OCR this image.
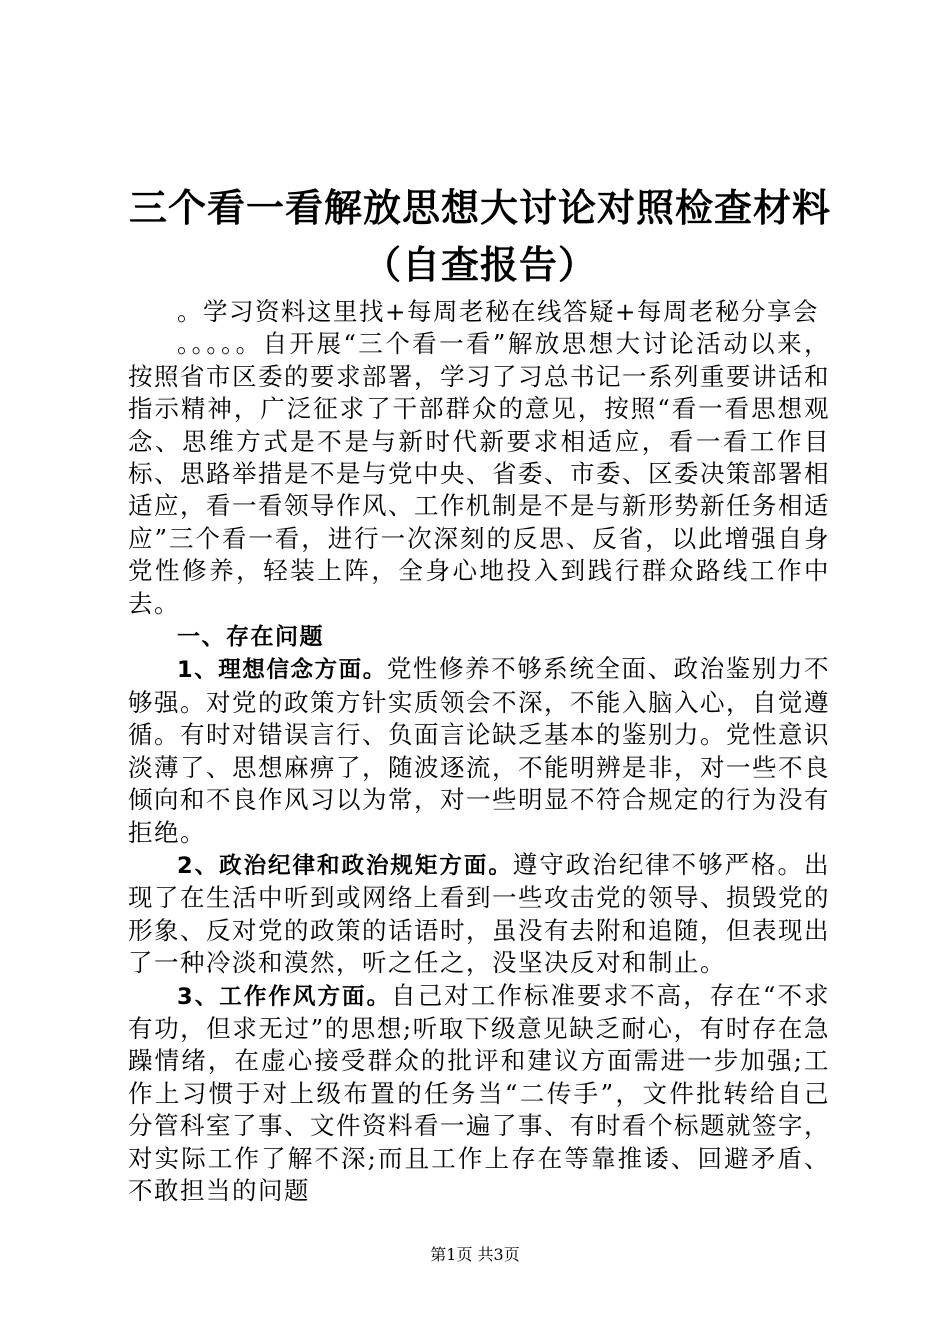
三个看一看解放思想大讨论对照检查材料（自查报告）

。学习资料这里找+每周老秘在线答疑+每周老秘分享会

。。。。。自开展“三个看一看”解放思想大讨论活动以来，按照省市区委的要求部署，学习了习总书记一系列重要讲话和指示精神，广泛征求了干部群众的意见，按照“看一看思想观念、思维方式是不是与新时代新要求相适应，看一看工作目标、思路举措是不是与党中央、省委、市委、区委决策部署相适应，看一看领导作风、工作机制是不是与新形势新任务相适应”三个看一看，进行一次深刻的反思、反省，以此增强自身党性修养，轻装上阵，全身心地投入到践行群众路线工作中去。

一、存在问题

1、理想信念方面。党性修养不够系统全面、政治鉴别力不够强。对党的政策方针实质领会不深，不能入脑入心，自觉遵循。有时对错误言行、负面言论缺乏基本的鉴别力。党性意识淡薄了、思想麻痹了，随波逐流，不能明辨是非，对一些不良倾向和不良作风习以为常，对一些明显不符合规定的行为没有拒绝。

2、政治纪律和政治规矩方面。遵守政治纪律不够严格。出现了在生活中听到或网络上看到一些攻击党的领导、损毁党的形象、反对党的政策的话语时，虽没有去附和追随，但表现出了一种冷淡和漠然，听之任之，没坚决反对和制止。

3、工作作风方面。自己对工作标准要求不高，存在“不求有功，但求无过”的思想;听取下级意见缺乏耐心，有时存在急躁情绪，在虚心接受群众的批评和建议方面需进一步加强;工作上习惯于对上级布置的任务当“二传手”，文件批转给自己分管科室了事、文件资料看一遍了事、有时看个标题就签字，对实际工作了解不深;而且工作上存在等靠推诿、回避矛盾、不敢担当的问题

第1页 共3页
